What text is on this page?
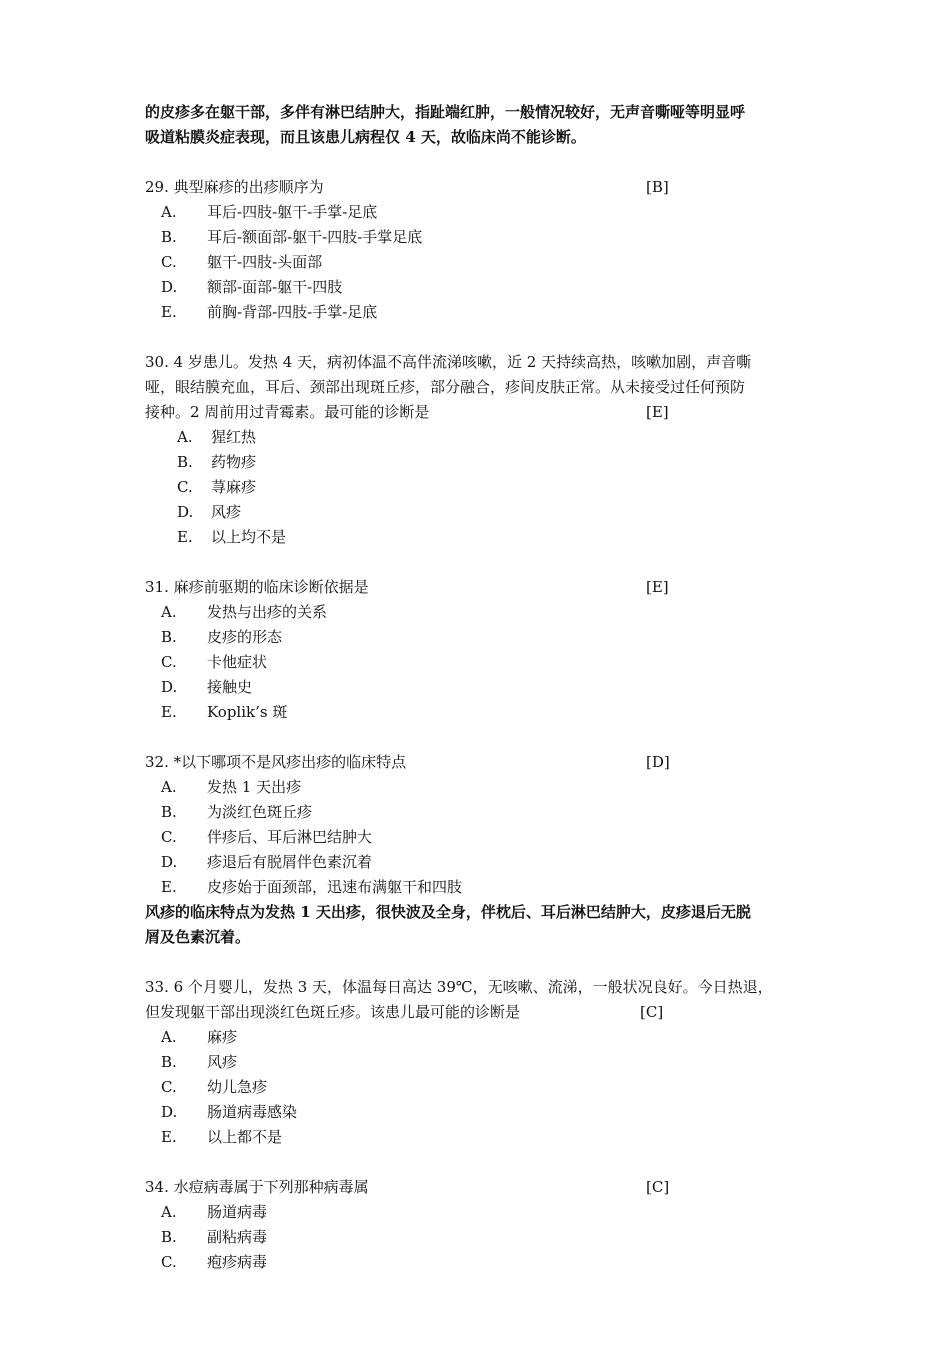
的皮疹多在躯干部，多伴有淋巴结肿大，指趾端红肿，一般情况较好，无声音嘶哑等明显呼
吸道粘膜炎症表现，而且该患儿病程仅 4 天，故临床尚不能诊断。
29. 典型麻疹的出疹顺序为	[B]
A. 耳后-四肢-躯干-手掌-足底
B. 耳后-额面部-躯干-四肢-手掌足底
C. 躯干-四肢-头面部
D. 额部-面部-躯干-四肢
E. 前胸-背部-四肢-手掌-足底
30. 4 岁患儿。发热 4 天，病初体温不高伴流涕咳嗽，近 2 天持续高热，咳嗽加剧，声音嘶
哑，眼结膜充血，耳后、颈部出现斑丘疹，部分融合，疹间皮肤正常。从未接受过任何预防
接种。2 周前用过青霉素。最可能的诊断是	[E]
A. 猩红热
B. 药物疹
C. 荨麻疹
D. 风疹
E. 以上均不是
31. 麻疹前驱期的临床诊断依据是	[E]
A. 发热与出疹的关系
B. 皮疹的形态
C. 卡他症状
D. 接触史
E. Koplik’s 斑
32. *以下哪项不是风疹出疹的临床特点	[D]
A. 发热 1 天出疹
B. 为淡红色斑丘疹
C. 伴疹后、耳后淋巴结肿大
D. 疹退后有脱屑伴色素沉着
E. 皮疹始于面颈部，迅速布满躯干和四肢
风疹的临床特点为发热 1 天出疹，很快波及全身，伴枕后、耳后淋巴结肿大，皮疹退后无脱
屑及色素沉着。
33. 6 个月婴儿，发热 3 天，体温每日高达 39℃，无咳嗽、流涕，一般状况良好。今日热退，
但发现躯干部出现淡红色斑丘疹。该患儿最可能的诊断是	[C]
A. 麻疹
B. 风疹
C. 幼儿急疹
D. 肠道病毒感染
E. 以上都不是
34. 水痘病毒属于下列那种病毒属	[C]
A. 肠道病毒
B. 副粘病毒
C. 疱疹病毒
